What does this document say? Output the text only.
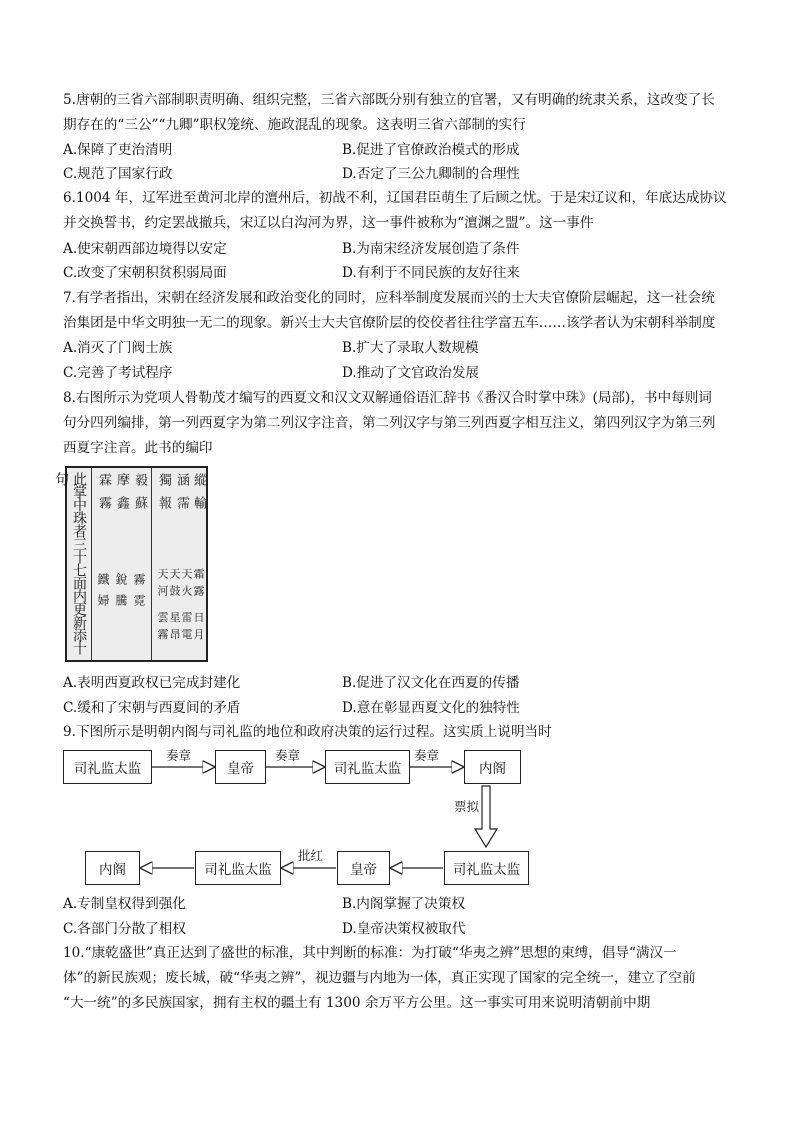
5.唐朝的三省六部制职责明确、组织完整，三省六部既分别有独立的官署，又有明确的统隶关系，这改变了长
期存在的“三公”“九卿”职权笼统、施政混乱的现象。这表明三省六部制的实行
A.保障了吏治清明	B.促进了官僚政治模式的形成
C.规范了国家行政	D.否定了三公九卿制的合理性
6.1004 年，辽军进至黄河北岸的澶州后，初战不利，辽国君臣萌生了后顾之忧。于是宋辽议和，年底达成协议
并交换誓书，约定罢战撤兵，宋辽以白沟河为界，这一事件被称为“澶渊之盟”。这一事件
A.使宋朝西部边境得以安定	B.为南宋经济发展创造了条件
C.改变了宋朝积贫积弱局面	D.有利于不同民族的友好往来
7.有学者指出，宋朝在经济发展和政治变化的同时，应科举制度发展而兴的士大夫官僚阶层崛起，这一社会统
治集团是中华文明独一无二的现象。新兴士大夫官僚阶层的佼佼者往往学富五车……该学者认为宋朝科举制度
A.消灭了门阀士族	B.扩大了录取人数规模
C.完善了考试程序	D.推动了文官政治发展
8.右图所示为党项人骨勒茂才编写的西夏文和汉文双解通俗语汇辞书《番汉合时掌中珠》(局部)，书中每则词
句分四列编排，第一列西夏字为第二列汉字注音，第二列汉字与第三列西夏字相互注义，第四列汉字为第三列
西夏字注音。此书的编印
此掌中珠者三十七面内更新添十句	霖霧 摩鑫 毅蘇 獨報 涵霈 縱輸
鐵婦 銳騰 霧霓 天河 雲霧 天鼓 星昂 天火 雷電 霜露 日月
A.表明西夏政权已完成封建化	B.促进了汉文化在西夏的传播
C.缓和了宋朝与西夏间的矛盾	D.意在彰显西夏文化的独特性
9.下图所示是明朝内阁与司礼监的地位和政府决策的运行过程。这实质上说明当时
司礼监太监	皇帝	司礼监太监	内阁
奏章	奏章	奏章
票拟
内阁	司礼监太监	皇帝	司礼监太监
批红
A.专制皇权得到强化	B.内阁掌握了决策权
C.各部门分散了相权	D.皇帝决策权被取代
10.“康乾盛世”真正达到了盛世的标准，其中判断的标准：为打破“华夷之辨”思想的束缚，倡导“满汉一
体”的新民族观；废长城，破“华夷之辨”，视边疆与内地为一体，真正实现了国家的完全统一，建立了空前
“大一统”的多民族国家，拥有主权的疆土有 1300 余万平方公里。这一事实可用来说明清朝前中期
